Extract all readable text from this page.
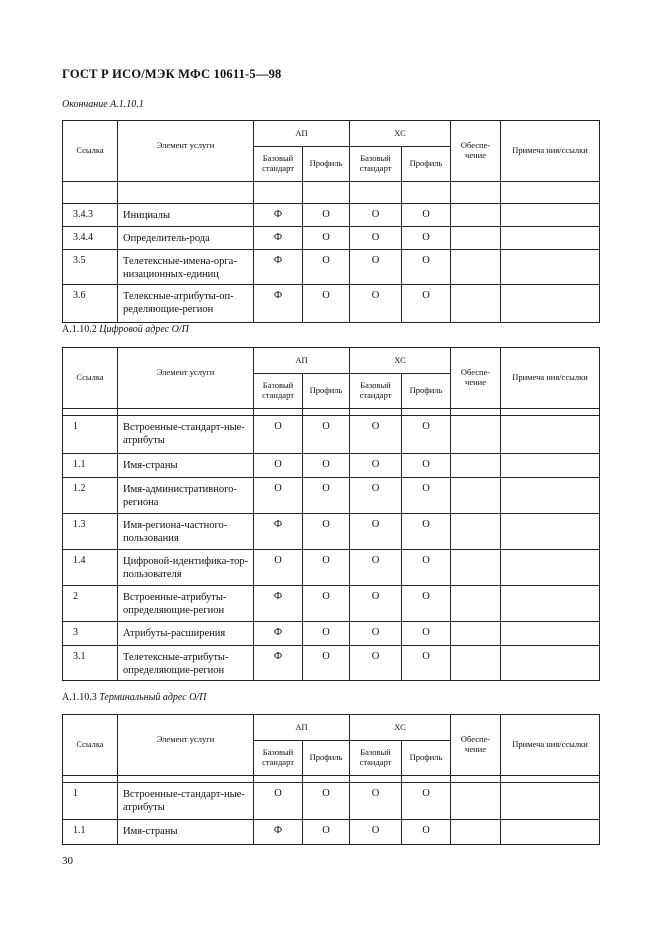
ГОСТ Р ИСО/МЭК МФС 10611-5—98
Окончание А.1.10.1
Ссылка	Элемент услуги	АП		ХС		Обеспе-чение	Примеча ния/ссылки
		Базовый стандарт	Профиль	Базовый стандарт	Профиль		

3.4.3	Инициалы	Ф	О	О	О		
3.4.4	Определитель-рода	Ф	О	О	О		
3.5	Телетексные-имена-орга-низационных-единиц	Ф	О	О	О		
3.6	Телексные-атрибуты-оп-ределяющие-регион	Ф	О	О	О		
А.1.10.2 Цифровой адрес О/П
Ссылка	Элемент услуги	АП		ХС		Обеспе-чение	Примеча ния/ссылки
		Базовый стандарт	Профиль	Базовый стандарт	Профиль		

1	Встроенные-стандарт-ные-атрибуты	О	О	О	О		
1.1	Имя-страны	О	О	О	О		
1.2	Имя-административного-региона	О	О	О	О		
1.3	Имя-региона-частного-пользования	Ф	О	О	О		
1.4	Цифровой-идентифика-тор-пользователя	О	О	О	О		
2	Встроенные-атрибуты-определяющие-регион	Ф	О	О	О		
3	Атрибуты-расширения	Ф	О	О	О		
3.1	Телетексные-атрибуты-определяющие-регион	Ф	О	О	О		
А.1.10.3 Терминальный адрес О/П
Ссылка	Элемент услуги	АП		ХС		Обеспе-чение	Примеча ния/ссылки
		Базовый стандарт	Профиль	Базовый стандарт	Профиль		

1	Встроенные-стандарт-ные-атрибуты	О	О	О	О		
1.1	Имя-страны	Ф	О	О	О		
30
